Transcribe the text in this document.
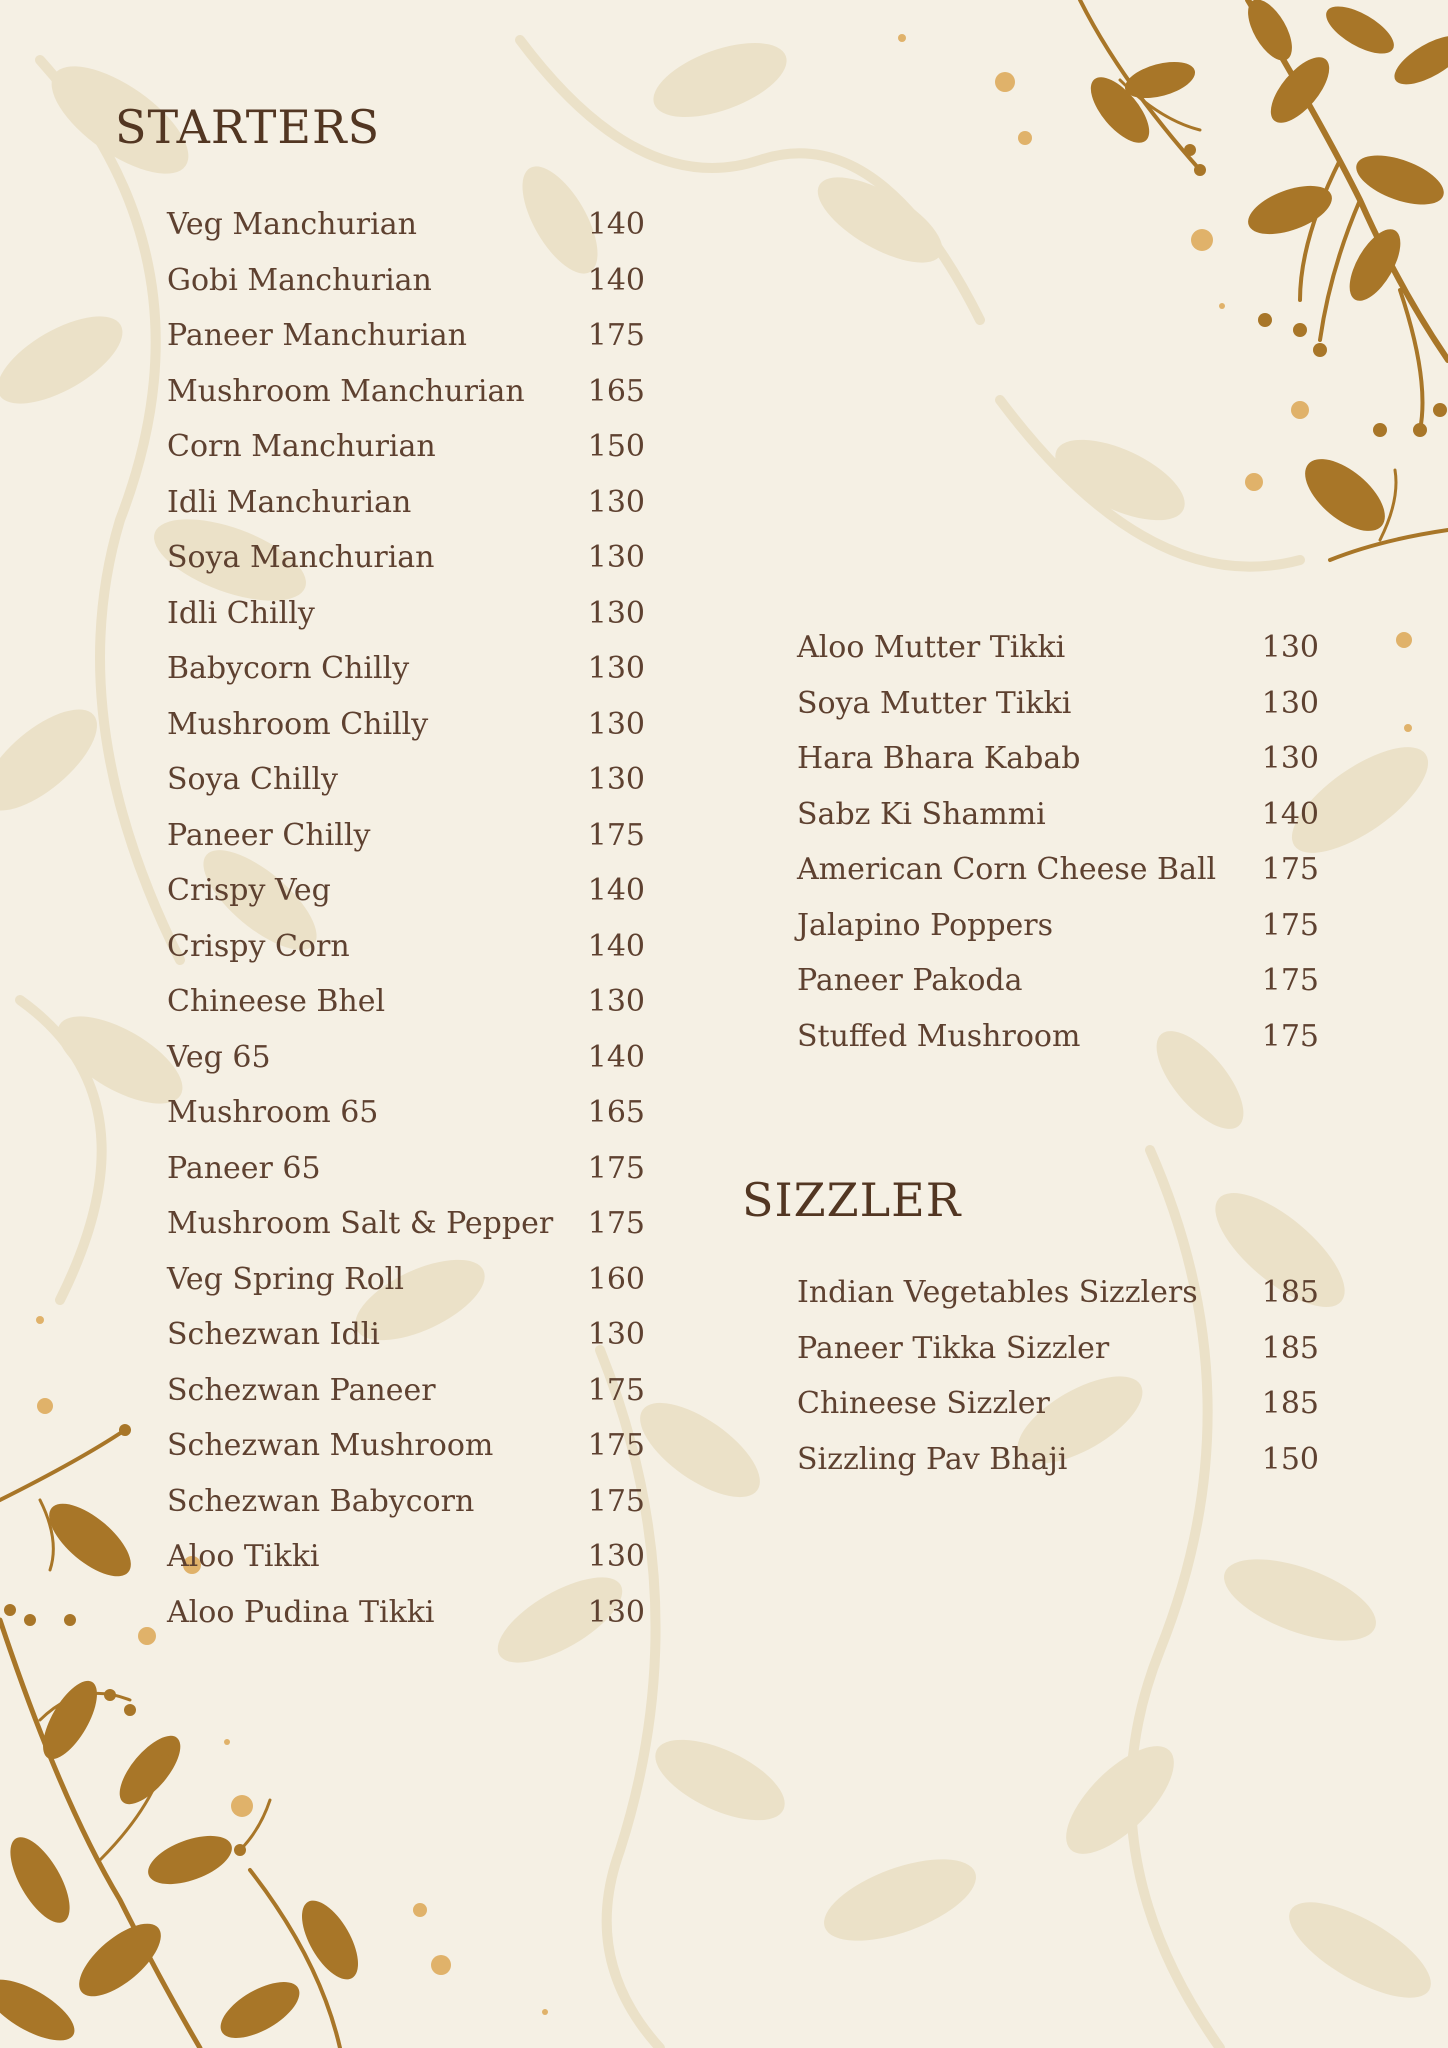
STARTERS
Veg Manchurian	140
Gobi Manchurian	140
Paneer Manchurian	175
Mushroom Manchurian 165
Corn Manchurian	150
Idli Manchurian	130
Soya Manchurian	130
Idli Chilly	130
Babycorn Chilly	130
Mushroom Chilly	130
Soya Chilly	130
Paneer Chilly	175
Crispy Veg	140
Crispy Corn	140
Chineese Bhel	130
Veg 65	140
Mushroom 65	165
Paneer 65	175
Mushroom Salt & Pepper 175
Veg Spring Roll	160
Schezwan Idli	130
Schezwan Paneer	175
Schezwan Mushroom	175
Schezwan Babycorn	175
Aloo Tikki	130
Aloo Pudina Tikki	130
Aloo Mutter Tikki	130
Soya Mutter Tikki	130
Hara Bhara Kabab	130
Sabz Ki Shammi	140
American Corn Cheese Ball 175
Jalapino Poppers	175
Paneer Pakoda	175
Stuffed Mushroom	175
SIZZLER
Indian Vegetables Sizzlers 185
Paneer Tikka Sizzler	185
Chineese Sizzler	185
Sizzling Pav Bhaji	150
